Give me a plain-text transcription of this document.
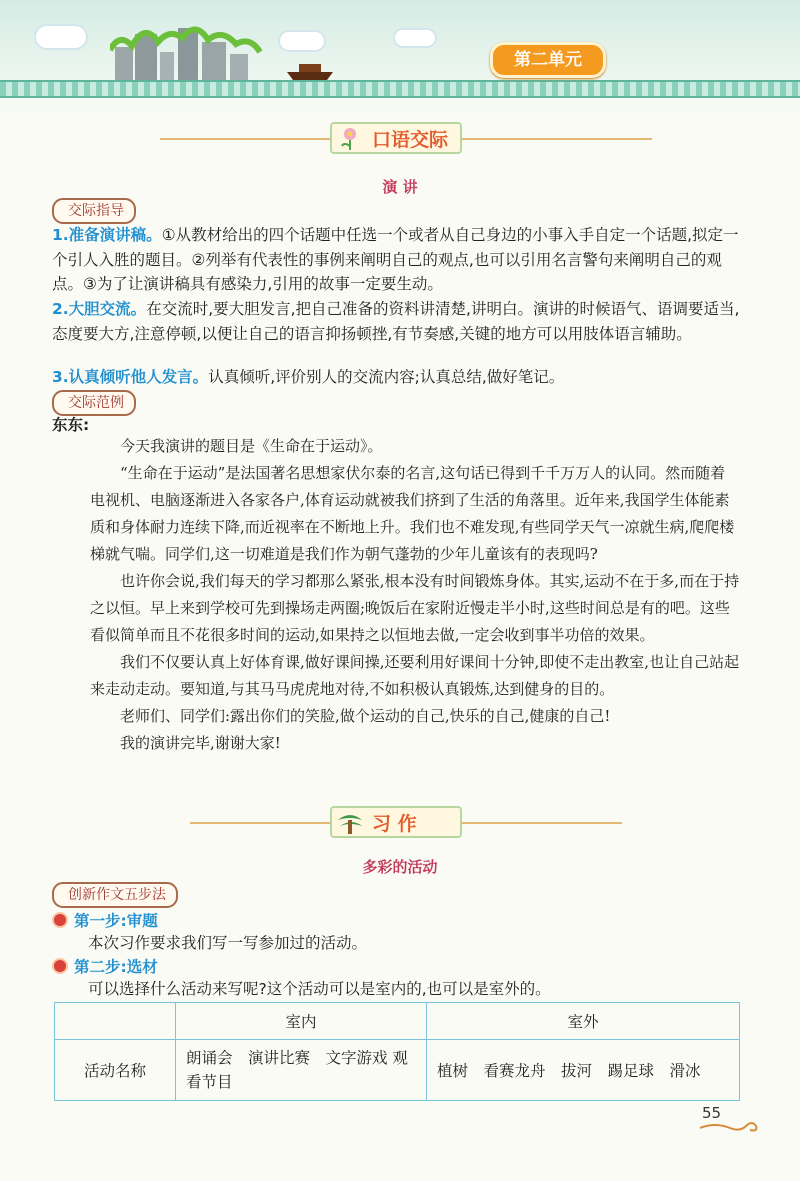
第二单元
口语交际
演 讲
交际指导
1.准备演讲稿。①从教材给出的四个话题中任选一个或者从自己身边的小事入手自定一个话题,拟定一个引人入胜的题目。②列举有代表性的事例来阐明自己的观点,也可以引用名言警句来阐明自己的观点。③为了让演讲稿具有感染力,引用的故事一定要生动。
2.大胆交流。在交流时,要大胆发言,把自己准备的资料讲清楚,讲明白。演讲的时候语气、语调要适当,态度要大方,注意停顿,以便让自己的语言抑扬顿挫,有节奏感,关键的地方可以用肢体语言辅助。
3.认真倾听他人发言。认真倾听,评价别人的交流内容;认真总结,做好笔记。
交际范例
东东:

今天我演讲的题目是《生命在于运动》。

“生命在于运动”是法国著名思想家伏尔泰的名言,这句话已得到千千万万人的认同。然而随着电视机、电脑逐渐进入各家各户,体育运动就被我们挤到了生活的角落里。近年来,我国学生体能素质和身体耐力连续下降,而近视率在不断地上升。我们也不难发现,有些同学天气一凉就生病,爬爬楼梯就气喘。同学们,这一切难道是我们作为朝气蓬勃的少年儿童该有的表现吗?

也许你会说,我们每天的学习都那么紧张,根本没有时间锻炼身体。其实,运动不在于多,而在于持之以恒。早上来到学校可先到操场走两圈;晚饭后在家附近慢走半小时,这些时间总是有的吧。这些看似简单而且不花很多时间的运动,如果持之以恒地去做,一定会收到事半功倍的效果。

我们不仅要认真上好体育课,做好课间操,还要利用好课间十分钟,即使不走出教室,也让自己站起来走动走动。要知道,与其马马虎虎地对待,不如积极认真锻炼,达到健身的目的。

老师们、同学们:露出你们的笑脸,做个运动的自己,快乐的自己,健康的自己!

我的演讲完毕,谢谢大家!

习 作
多彩的活动
创新作文五步法
第一步:审题
本次习作要求我们写一写参加过的活动。
第二步:选材
可以选择什么活动来写呢?这个活动可以是室内的,也可以是室外的。
	室内	室外
活动名称	朗诵会　演讲比赛　文字游戏 观看节目	植树　看赛龙舟　拔河　踢足球　滑冰
55
